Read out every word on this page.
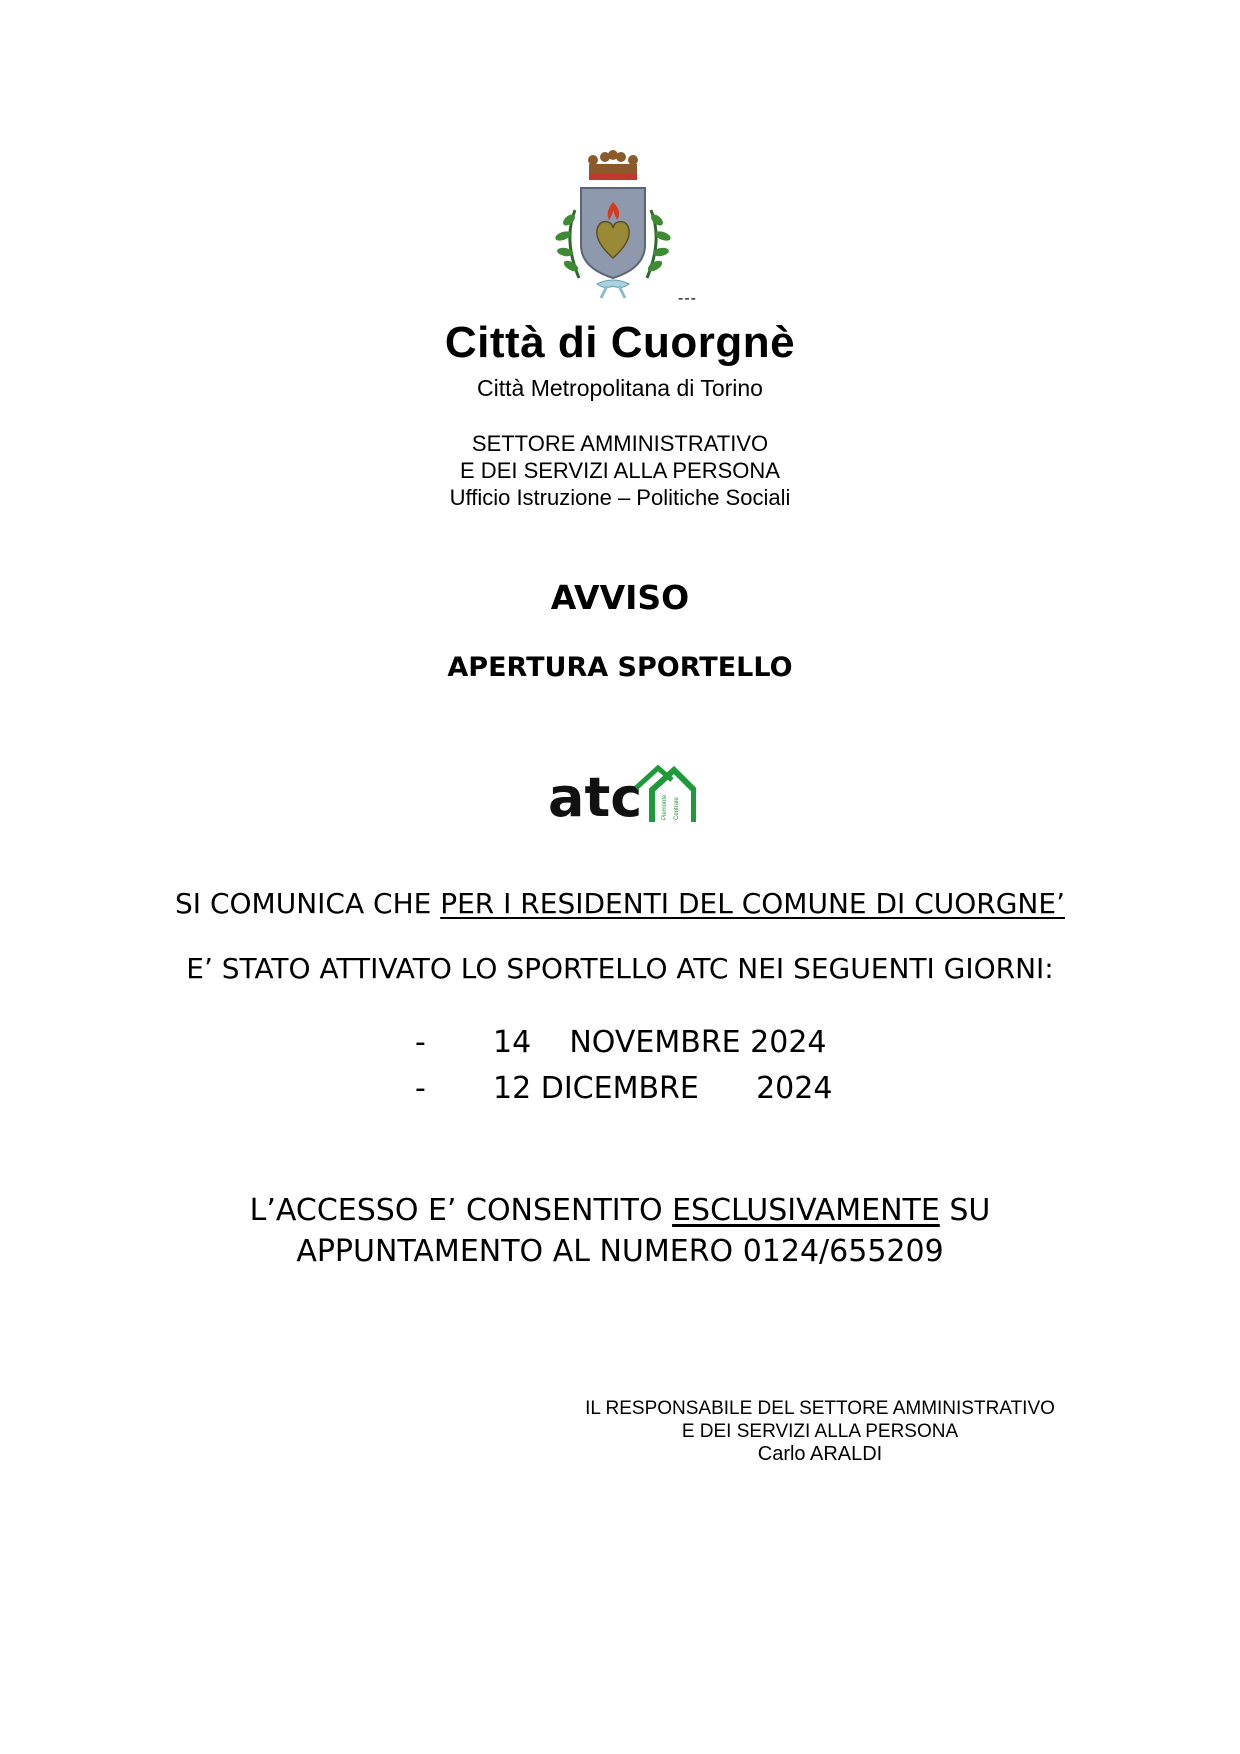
---
Città di Cuorgnè
Città Metropolitana di Torino
SETTORE AMMINISTRATIVO
E DEI SERVIZI ALLA PERSONA
Ufficio Istruzione – Politiche Sociali
AVVISO
APERTURA SPORTELLO
atc	Piemonte Centrale
SI COMUNICA CHE PER I RESIDENTI DEL COMUNE DI CUORGNE’
E’ STATO ATTIVATO LO SPORTELLO ATC NEI SEGUENTI GIORNI:
- 14 NOVEMBRE 2024
- 12 DICEMBRE 2024
L’ACCESSO E’ CONSENTITO ESCLUSIVAMENTE SU
APPUNTAMENTO AL NUMERO 0124/655209
IL RESPONSABILE DEL SETTORE AMMINISTRATIVO
E DEI SERVIZI ALLA PERSONA
Carlo ARALDI
